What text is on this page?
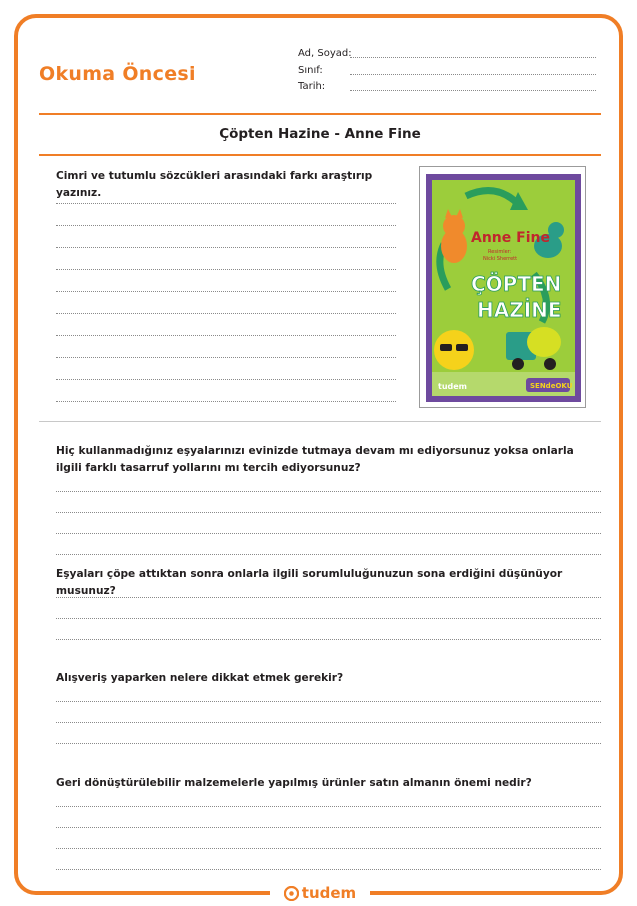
Okuma Öncesi
Ad, Soyad:
Sınıf:
Tarih:
Çöpten Hazine - Anne Fine
Cimri ve tutumlu sözcükleri arasındaki farkı araştırıp yazınız.
Anne Fine
Resimler:
Nicki Sherrett
ÇÖPTEN
HAZİNE
tudem	SENdeOKU
Hiç kullanmadığınız eşyalarınızı evinizde tutmaya devam mı ediyorsunuz yoksa onlarla ilgili farklı tasarruf yollarını mı tercih ediyorsunuz?
Eşyaları çöpe attıktan sonra onlarla ilgili sorumluluğunuzun sona erdiğini düşünüyor musunuz?
Alışveriş yaparken nelere dikkat etmek gerekir?
Geri dönüştürülebilir malzemelerle yapılmış ürünler satın almanın önemi nedir?
tudem
